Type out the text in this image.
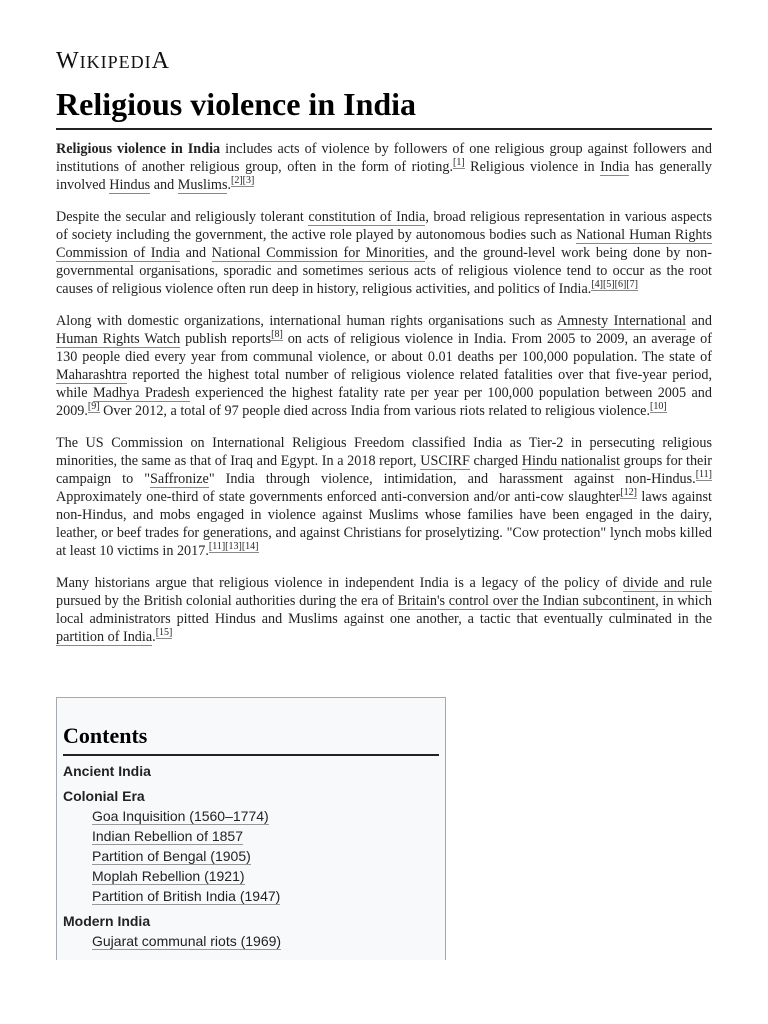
WIKIPEDIA
Religious violence in India

Religious violence in India includes acts of violence by followers of one religious group against followers and institutions of another religious group, often in the form of rioting.[1] Religious violence in India has generally involved Hindus and Muslims.[2][3]

Despite the secular and religiously tolerant constitution of India, broad religious representation in various aspects of society including the government, the active role played by autonomous bodies such as National Human Rights Commission of India and National Commission for Minorities, and the ground-level work being done by non-governmental organisations, sporadic and sometimes serious acts of religious violence tend to occur as the root causes of religious violence often run deep in history, religious activities, and politics of India.[4][5][6][7]

Along with domestic organizations, international human rights organisations such as Amnesty International and Human Rights Watch publish reports[8] on acts of religious violence in India. From 2005 to 2009, an average of 130 people died every year from communal violence, or about 0.01 deaths per 100,000 population. The state of Maharashtra reported the highest total number of religious violence related fatalities over that five-year period, while Madhya Pradesh experienced the highest fatality rate per year per 100,000 population between 2005 and 2009.[9] Over 2012, a total of 97 people died across India from various riots related to religious violence.[10]

The US Commission on International Religious Freedom classified India as Tier-2 in persecuting religious minorities, the same as that of Iraq and Egypt. In a 2018 report, USCIRF charged Hindu nationalist groups for their campaign to "Saffronize" India through violence, intimidation, and harassment against non-Hindus.[11] Approximately one-third of state governments enforced anti-conversion and/or anti-cow slaughter[12] laws against non-Hindus, and mobs engaged in violence against Muslims whose families have been engaged in the dairy, leather, or beef trades for generations, and against Christians for proselytizing. "Cow protection" lynch mobs killed at least 10 victims in 2017.[11][13][14]

Many historians argue that religious violence in independent India is a legacy of the policy of divide and rule pursued by the British colonial authorities during the era of Britain's control over the Indian subcontinent, in which local administrators pitted Hindus and Muslims against one another, a tactic that eventually culminated in the partition of India.[15]

Contents
Ancient India
Colonial Era
Goa Inquisition (1560–1774)
Indian Rebellion of 1857
Partition of Bengal (1905)
Moplah Rebellion (1921)
Partition of British India (1947)
Modern India
Gujarat communal riots (1969)
